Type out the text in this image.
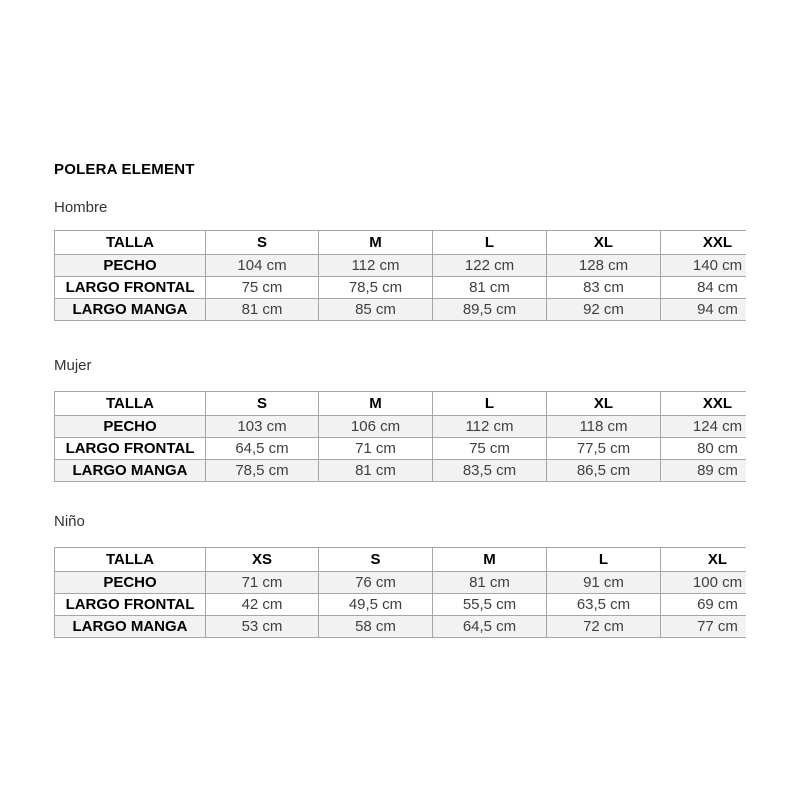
POLERA ELEMENT
Hombre
TALLA	S	M	L	XL	XXL
PECHO	104 cm	112 cm	122 cm	128 cm	140 cm
LARGO FRONTAL	75 cm	78,5 cm	81 cm	83 cm	84 cm
LARGO MANGA	81 cm	85 cm	89,5 cm	92 cm	94 cm
Mujer
TALLA	S	M	L	XL	XXL
PECHO	103 cm	106 cm	112 cm	118 cm	124 cm
LARGO FRONTAL	64,5 cm	71 cm	75 cm	77,5 cm	80 cm
LARGO MANGA	78,5 cm	81 cm	83,5 cm	86,5 cm	89 cm
Niño
TALLA	XS	S	M	L	XL
PECHO	71 cm	76 cm	81 cm	91 cm	100 cm
LARGO FRONTAL	42 cm	49,5 cm	55,5 cm	63,5 cm	69 cm
LARGO MANGA	53 cm	58 cm	64,5 cm	72 cm	77 cm
